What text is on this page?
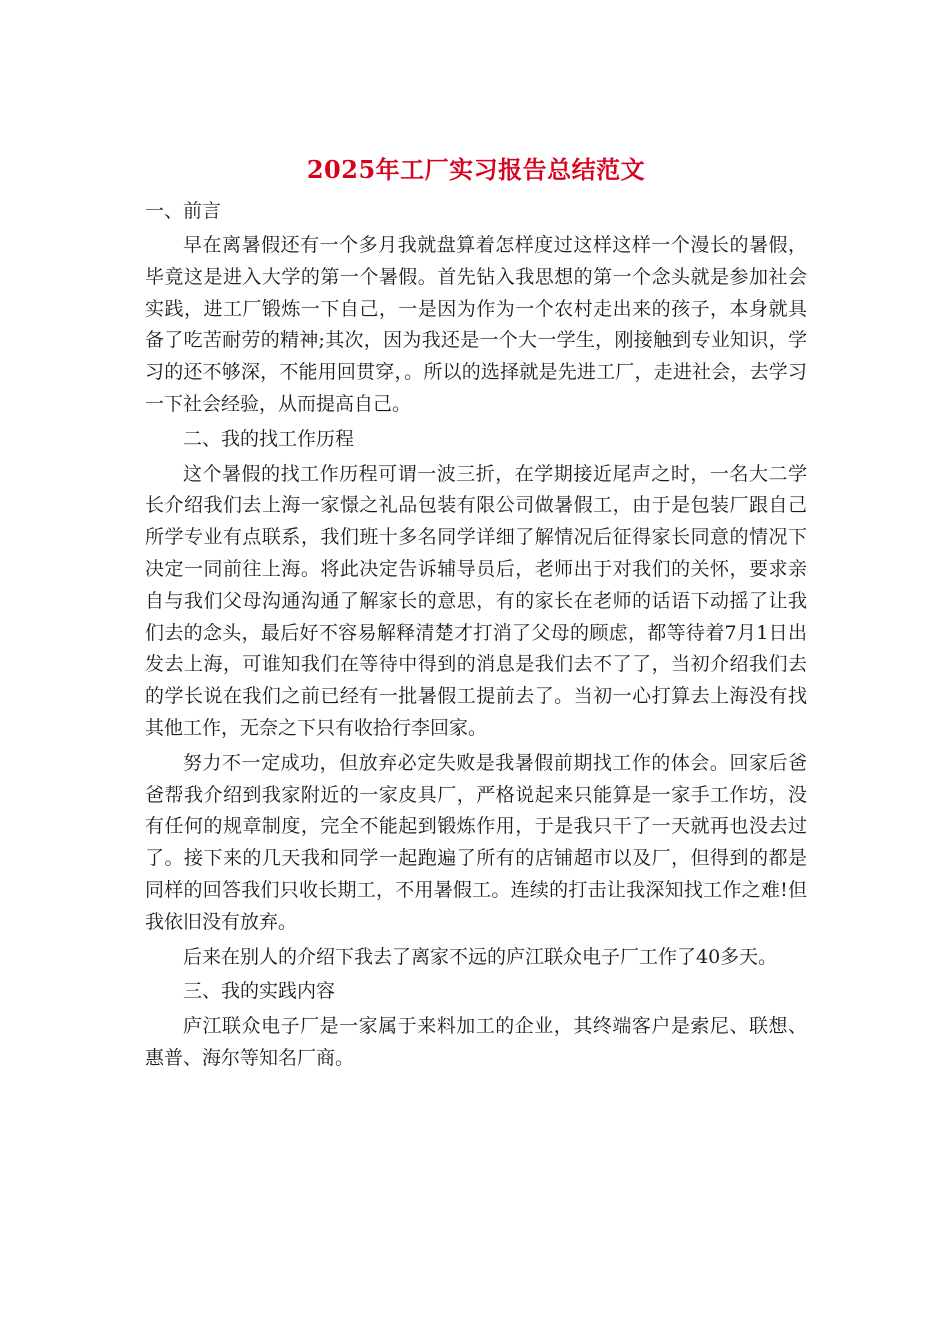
2025年工厂实习报告总结范文

一、前言

早在离暑假还有一个多月我就盘算着怎样度过这样这样一个漫长的暑假，毕竟这是进入大学的第一个暑假。首先钻入我思想的第一个念头就是参加社会实践，进工厂锻炼一下自己，一是因为作为一个农村走出来的孩子，本身就具备了吃苦耐劳的精神;其次，因为我还是一个大一学生，刚接触到专业知识，学习的还不够深，不能用回贯穿，。所以的选择就是先进工厂，走进社会，去学习一下社会经验，从而提高自己。

二、我的找工作历程

这个暑假的找工作历程可谓一波三折，在学期接近尾声之时，一名大二学长介绍我们去上海一家憬之礼品包装有限公司做暑假工，由于是包装厂跟自己所学专业有点联系，我们班十多名同学详细了解情况后征得家长同意的情况下决定一同前往上海。将此决定告诉辅导员后，老师出于对我们的关怀，要求亲自与我们父母沟通沟通了解家长的意思，有的家长在老师的话语下动摇了让我们去的念头，最后好不容易解释清楚才打消了父母的顾虑，都等待着7月1日出发去上海，可谁知我们在等待中得到的消息是我们去不了了，当初介绍我们去的学长说在我们之前已经有一批暑假工提前去了。当初一心打算去上海没有找其他工作，无奈之下只有收拾行李回家。

努力不一定成功，但放弃必定失败是我暑假前期找工作的体会。回家后爸爸帮我介绍到我家附近的一家皮具厂，严格说起来只能算是一家手工作坊，没有任何的规章制度，完全不能起到锻炼作用，于是我只干了一天就再也没去过了。接下来的几天我和同学一起跑遍了所有的店铺超市以及厂，但得到的都是同样的回答我们只收长期工，不用暑假工。连续的打击让我深知找工作之难!但我依旧没有放弃。

后来在别人的介绍下我去了离家不远的庐江联众电子厂工作了40多天。

三、我的实践内容

庐江联众电子厂是一家属于来料加工的企业，其终端客户是索尼、联想、惠普、海尔等知名厂商。
